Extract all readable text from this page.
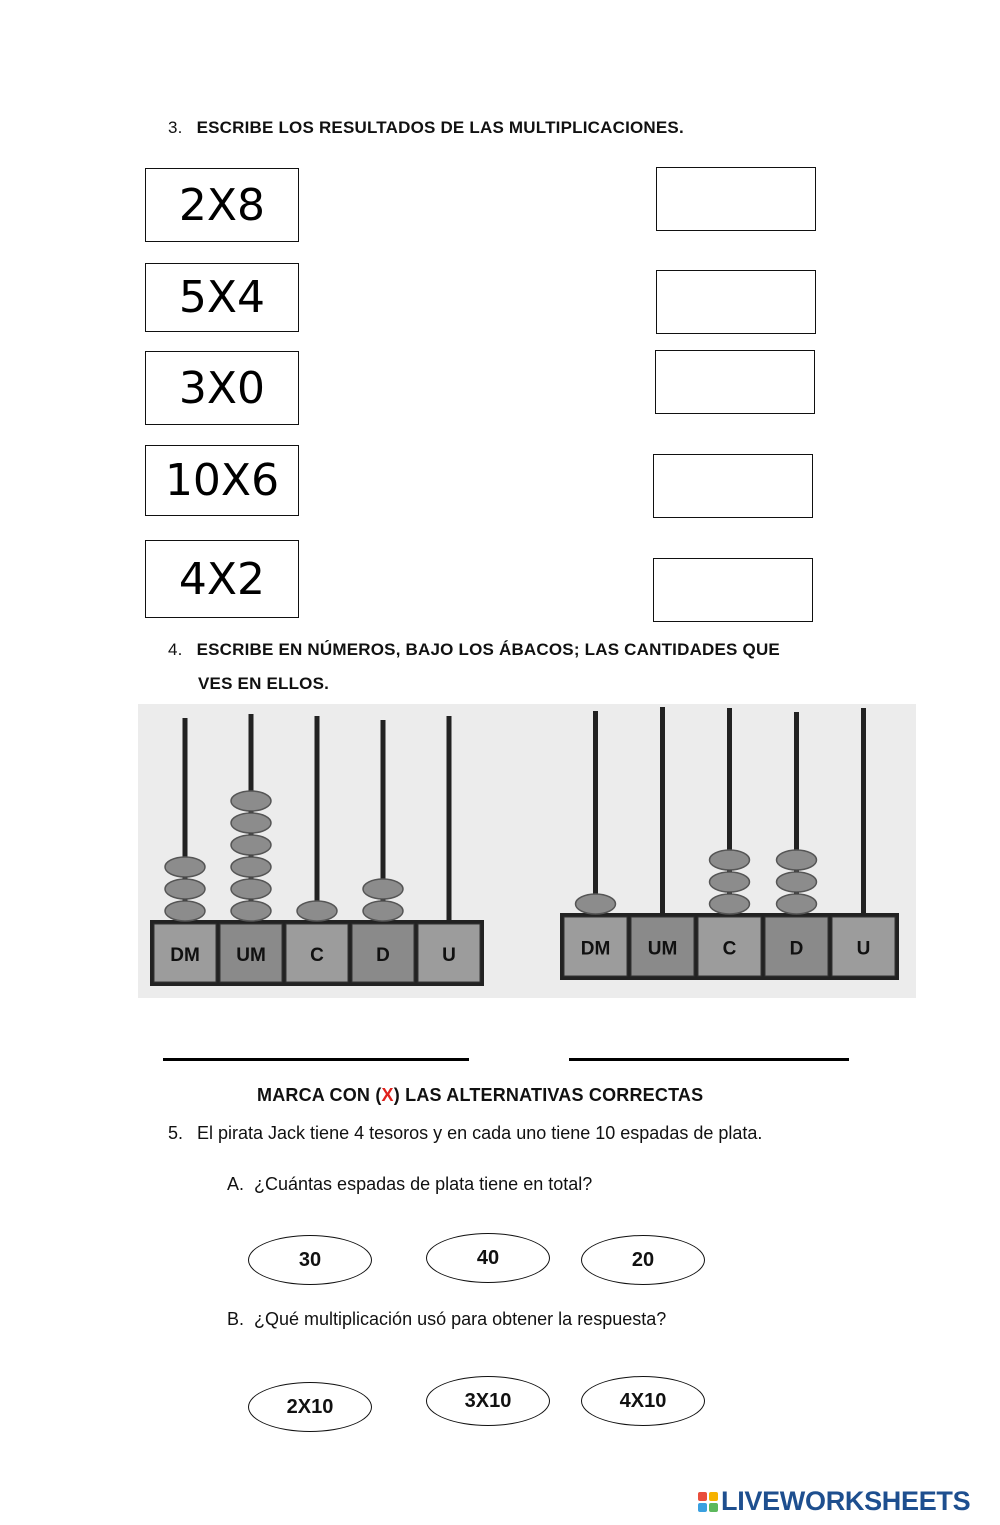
3. ESCRIBE LOS RESULTADOS DE LAS MULTIPLICACIONES.
2X8
5X4
3X0
10X6
4X2
4. ESCRIBE EN NÚMEROS, BAJO LOS ÁBACOS; LAS CANTIDADES QUE
VES EN ELLOS.
DM UM C	D	U	DM UM C	D	U
MARCA CON (X) LAS ALTERNATIVAS CORRECTAS
5. El pirata Jack tiene 4 tesoros y en cada uno tiene 10 espadas de plata.
A. ¿Cuántas espadas de plata tiene en total?
30	40	20
B. ¿Qué multiplicación usó para obtener la respuesta?
2X10	3X10	4X10
LIVEWORKSHEETS
